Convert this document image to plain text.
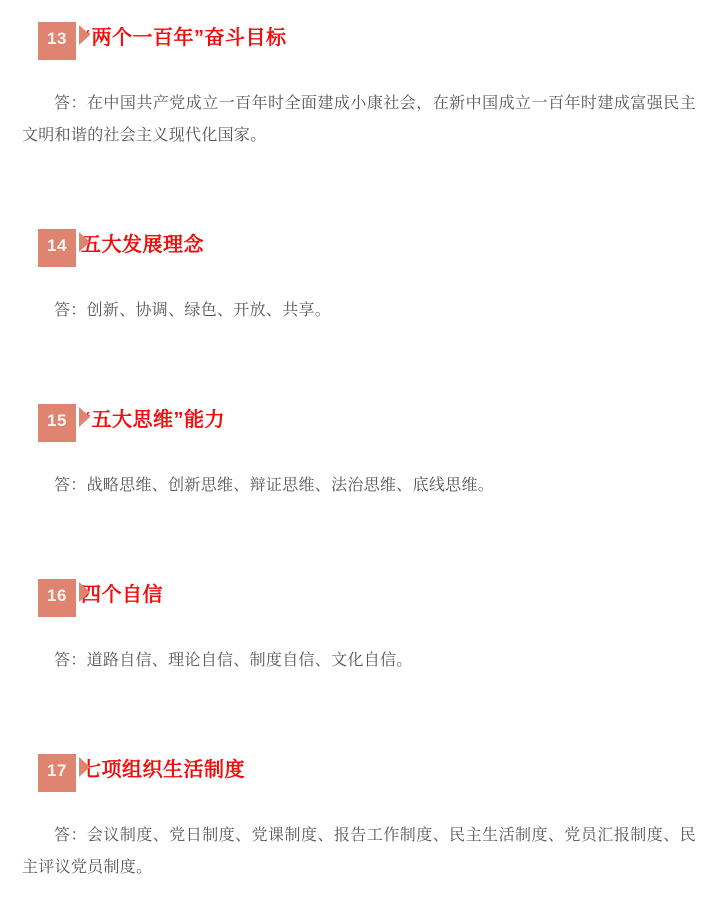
13 “两个一百年”奋斗目标

答：在中国共产党成立一百年时全面建成小康社会，在新中国成立一百年时建成富强民主文明和谐的社会主义现代化国家。

14 五大发展理念

答：创新、协调、绿色、开放、共享。

15 “五大思维”能力

答：战略思维、创新思维、辩证思维、法治思维、底线思维。

16 四个自信

答：道路自信、理论自信、制度自信、文化自信。

17 七项组织生活制度

答：会议制度、党日制度、党课制度、报告工作制度、民主生活制度、党员汇报制度、民主评议党员制度。
